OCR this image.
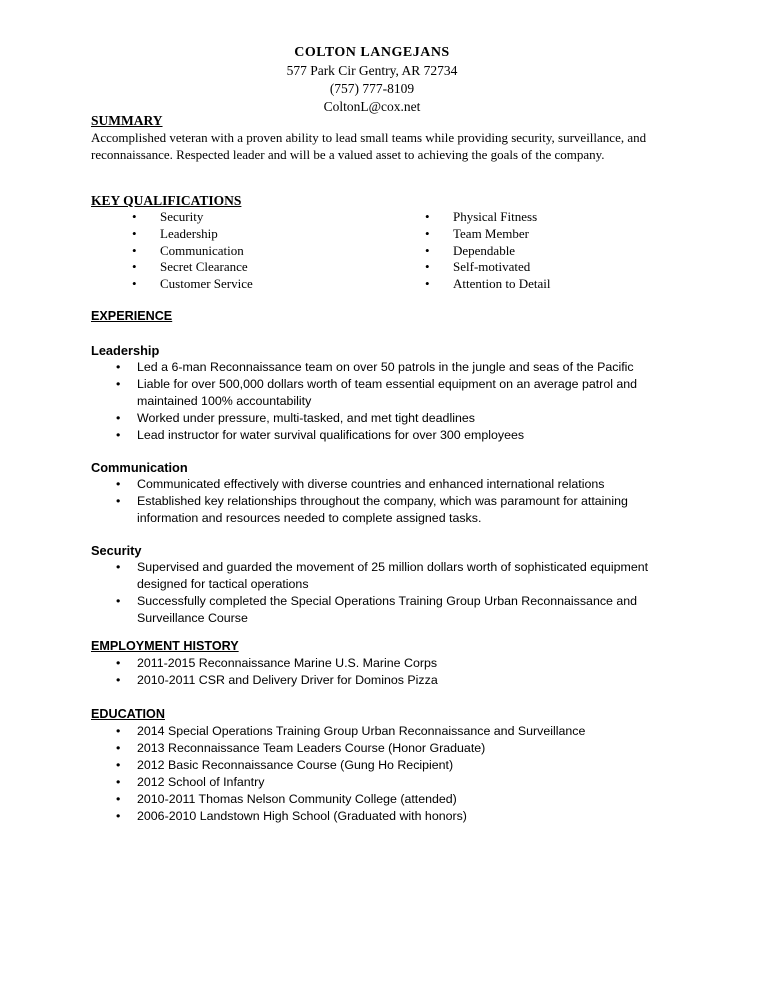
COLTON LANGEJANS
577 Park Cir Gentry, AR 72734
(757) 777-8109
ColtonL@cox.net
SUMMARY
Accomplished veteran with a proven ability to lead small teams while providing security, surveillance, and reconnaissance. Respected leader and will be a valued asset to achieving the goals of the company.
KEY QUALIFICATIONS
• Security
• Leadership
• Communication
• Secret Clearance
• Customer Service
• Physical Fitness
• Team Member
• Dependable
• Self-motivated
• Attention to Detail
EXPERIENCE
Leadership
• Led a 6-man Reconnaissance team on over 50 patrols in the jungle and seas of the Pacific
• Liable for over 500,000 dollars worth of team essential equipment on an average patrol and maintained 100% accountability
• Worked under pressure, multi-tasked, and met tight deadlines
• Lead instructor for water survival qualifications for over 300 employees
Communication
• Communicated effectively with diverse countries and enhanced international relations
• Established key relationships throughout the company, which was paramount for attaining information and resources needed to complete assigned tasks.
Security
• Supervised and guarded the movement of 25 million dollars worth of sophisticated equipment designed for tactical operations
• Successfully completed the Special Operations Training Group Urban Reconnaissance and Surveillance Course
EMPLOYMENT HISTORY
• 2011-2015 Reconnaissance Marine U.S. Marine Corps
• 2010-2011 CSR and Delivery Driver for Dominos Pizza
EDUCATION
• 2014 Special Operations Training Group Urban Reconnaissance and Surveillance
• 2013 Reconnaissance Team Leaders Course (Honor Graduate)
• 2012 Basic Reconnaissance Course (Gung Ho Recipient)
• 2012 School of Infantry
• 2010-2011 Thomas Nelson Community College (attended)
• 2006-2010 Landstown High School (Graduated with honors)
